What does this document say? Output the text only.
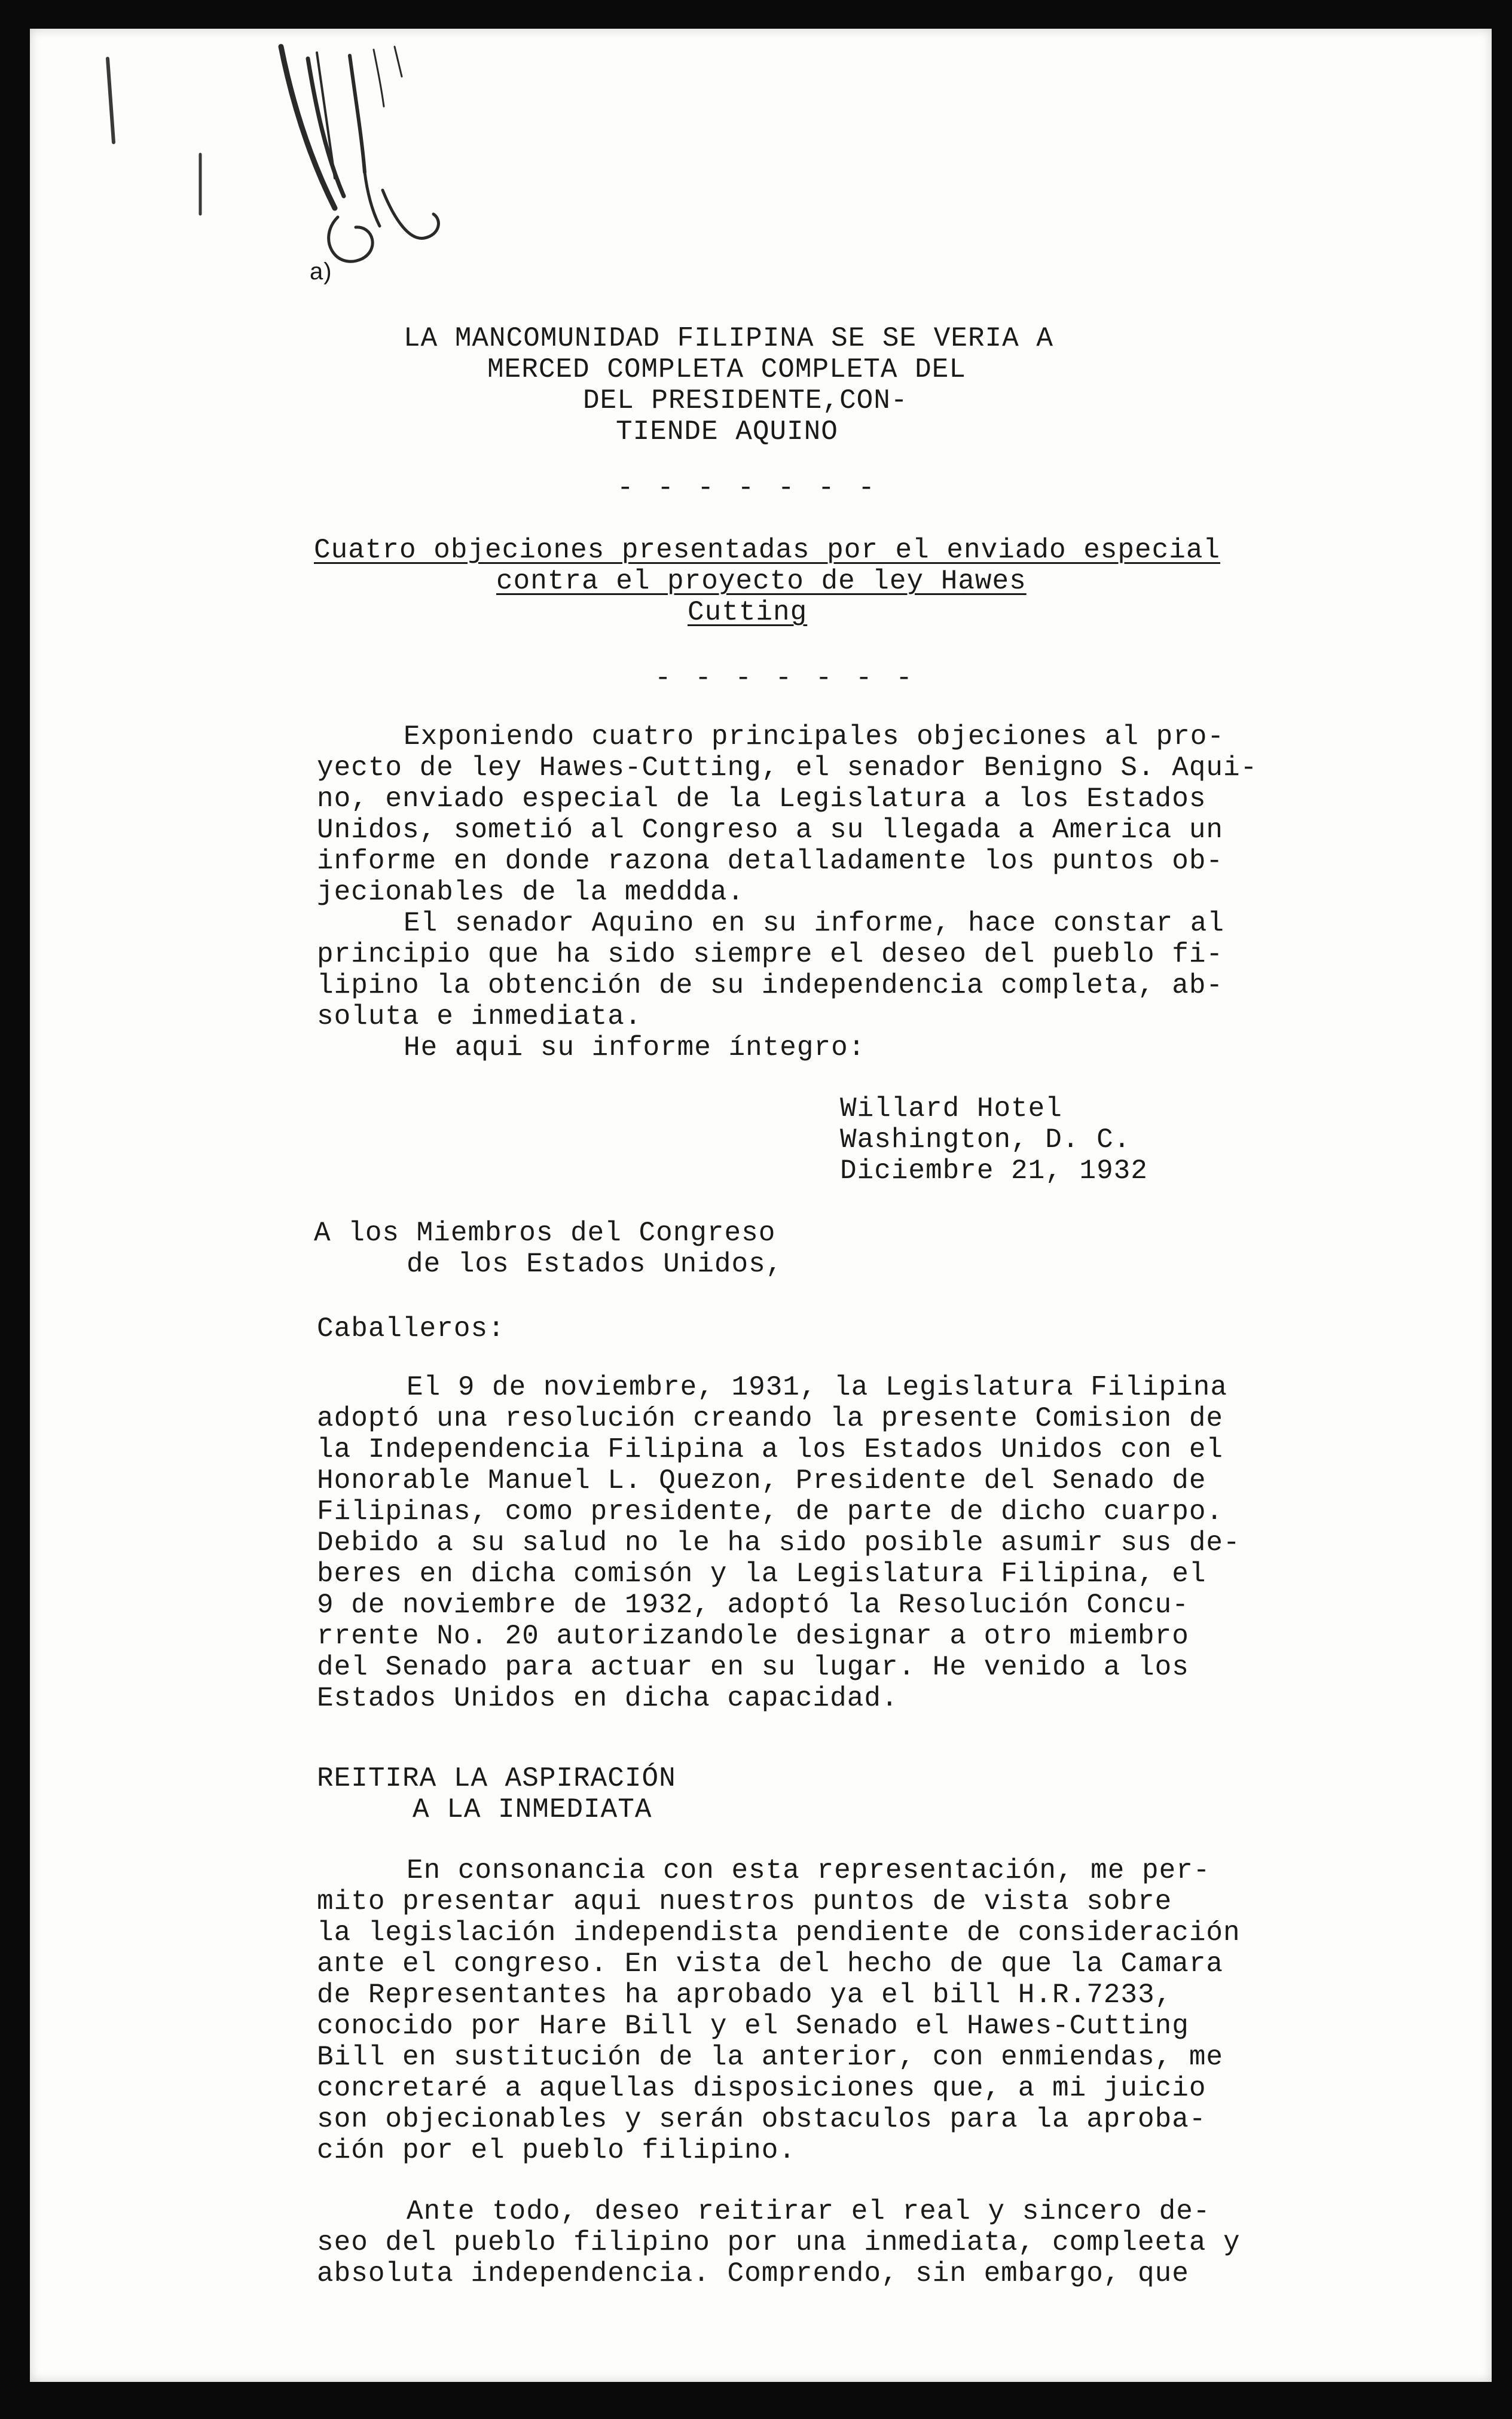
a)
LA MANCOMUNIDAD FILIPINA SE SE VERIA A
MERCED COMPLETA COMPLETA DEL
DEL PRESIDENTE,CON-
TIENDE AQUINO
- - - - - - -
Cuatro objeciones presentadas por el enviado especial
contra el proyecto de ley Hawes
Cutting
- - - - - - -
Exponiendo cuatro principales objeciones al pro-
yecto de ley Hawes-Cutting, el senador Benigno S. Aqui-
no, enviado especial de la Legislatura a los Estados
Unidos, sometió al Congreso a su llegada a America un
informe en donde razona detalladamente los puntos ob-
jecionables de la meddda.
El senador Aquino en su informe, hace constar al
principio que ha sido siempre el deseo del pueblo fi-
lipino la obtención de su independencia completa, ab-
soluta e inmediata.
He aqui su informe íntegro:
Willard Hotel
Washington, D. C.
Diciembre 21, 1932
A los Miembros del Congreso
de los Estados Unidos,
Caballeros:
El 9 de noviembre, 1931, la Legislatura Filipina
adoptó una resolución creando la presente Comision de
la Independencia Filipina a los Estados Unidos con el
Honorable Manuel L. Quezon, Presidente del Senado de
Filipinas, como presidente, de parte de dicho cuarpo.
Debido a su salud no le ha sido posible asumir sus de-
beres en dicha comisón y la Legislatura Filipina, el
9 de noviembre de 1932, adoptó la Resolución Concu-
rrente No. 20 autorizandole designar a otro miembro
del Senado para actuar en su lugar. He venido a los
Estados Unidos en dicha capacidad.
REITIRA LA ASPIRACIÓN
A LA INMEDIATA
En consonancia con esta representación, me per-
mito presentar aqui nuestros puntos de vista sobre
la legislación independista pendiente de consideración
ante el congreso. En vista del hecho de que la Camara
de Representantes ha aprobado ya el bill H.R.7233,
conocido por Hare Bill y el Senado el Hawes-Cutting
Bill en sustitución de la anterior, con enmiendas, me
concretaré a aquellas disposiciones que, a mi juicio
son objecionables y serán obstaculos para la aproba-
ción por el pueblo filipino.
Ante todo, deseo reitirar el real y sincero de-
seo del pueblo filipino por una inmediata, compleeta y
absoluta independencia. Comprendo, sin embargo, que
